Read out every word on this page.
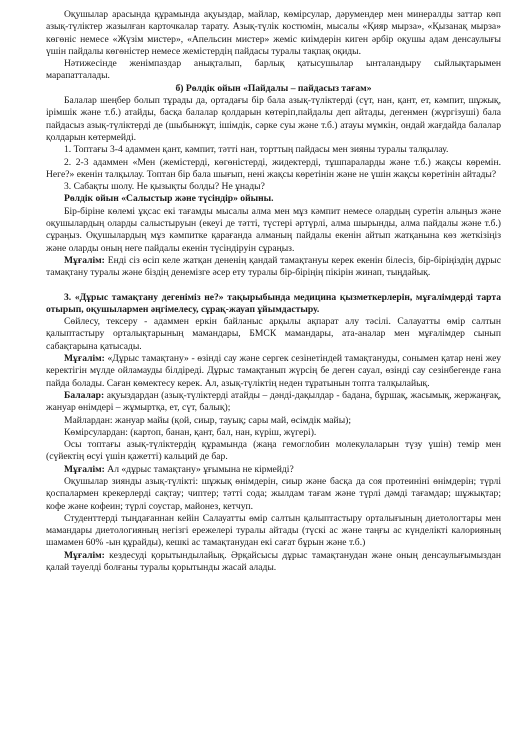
Оқушылар арасында құрамында ақуыздар, майлар, көмірсулар, дәрумендер мен минералды заттар көп азық-түліктер жазылған карточкалар тарату. Азық-түлік костюмін, мысалы «Қияр мырза», «Қызанақ мырза» көгөніс немесе «Жүзім мистер», «Апельсин мистер» жеміс киімдерін киген әрбір оқушы адам денсаулығы үшін пайдалы көгөністер немесе жемістердің пайдасы туралы тақпақ оқиды.

Нәтижесінде женімпаздар анықталып, барлық қатысушылар ынталандыру сыйлықтарымен марапатталады.

б) Рөлдік ойын «Пайдалы – пайдасыз тағам»

Балалар шеңбер болып тұрады да, ортадағы бір бала азық-түліктерді (сүт, нан, қант, ет, кәмпит, шұжық, ірімшік және т.б.) атайды, басқа балалар қолдарын көтеріп,пайдалы деп айтады, дегенмен (жүргізуші) бала пайдасыз азық-түліктерді де (шыбынжұт, ішімдік, сәрке суы және т.б.) атауы мүмкін, ондай жағдайда балалар қолдарын көтермейді.

1. Топтағы 3-4 адаммен қант, кәмпит, тәтті нан, торттың пайдасы мен зияны туралы талқылау.

2. 2-3 адаммен «Мен (жемістерді, көгөністерді, жидектерді, тұшпараларды және т.б.) жақсы көремін. Неге?» екенін талқылау. Топтан бір бала шығып, нені жақсы көретінін және не үшін жақсы көретінін айтады?

3. Сабақты шолу. Не қызықты болды? Не ұнады?

Рөлдік ойын «Салыстыр және түсіндір» ойыны.

Бір-біріне көлемі ұқсас екі тағамды мысалы алма мен мұз кәмпит немесе олардың суретін алыңыз және оқушылардың оларды салыстыруын (екеуі де тәтті, түстері әртүрлі, алма шырынды, алма пайдалы және т.б.) сұраңыз. Оқушылардың мұз кәмпитке қарағанда алманың пайдалы екенін айтып жатқанына көз жеткізіңіз және оларды оның неге пайдалы екенін түсіндіруін сұраңыз.

Мұғалім: Енді сіз өсіп келе жатқан дененің қандай тамақтануы керек екенін білесіз, бір-біріңіздің дұрыс тамақтану туралы және біздің денемізге әсер ету туралы бір-біріңің пікірін жинап, тыңдайық.

3. «Дұрыс тамақтану дегеніміз не?» тақырыбында медицина қызметкерлерін, мұғалімдерді тарта отырып, оқушылармен әңгімелесу, сұрақ-жауап ұйымдастыру.

Сөйлесу, тексеру - адаммен еркін байланыс арқылы ақпарат алу тәсілі. Салауатты өмір салтын қалыптастыру орталықтарының мамандары, БМСК мамандары, ата-аналар мен мұғалімдер сынып сабақтарына қатысады.

Мұғалім: «Дұрыс тамақтану» - өзінді сау және сергек сезінетіндей тамақтануды, сонымен қатар нені жеу керектігін мүлде ойламауды білдіреді. Дұрыс тамақтанып жүрсің бе деген сауал, өзінді сау сезінбегенде ғана пайда болады. Саған көмектесу керек. Ал, азық-түліктің неден тұратынын топта талқылайық.

Балалар: ақуыздардан (азық-түліктерді атайды – дәнді-дақылдар - бадана, бұршақ, жасымық, жержаңғақ, жануар өнімдері – жұмыртқа, ет, сүт, балық);

Майлардан: жануар майы (қой, сиыр, тауық; сары май, өсімдік майы);

Көмірсулардан: (картоп, банан, қант, бал, нан, күріш, жүгері).

Осы топтағы азық-түліктердің құрамында (жаңа гемоглобин молекулаларын түзу үшін) темір мен (сүйектің өсуі үшін қажетті) кальций де бар.

Мұғалім: Ал «дұрыс тамақтану» ұғымына не кірмейді?

Оқушылар зиянды азық-түлікті: шұжық өнімдерін, сиыр және басқа да соя протеиніні өнімдерін; түрлі қоспалармен крекерлерді сақтау; чиптер; тәтті сода; жылдам тағам және түрлі дәмді тағамдар; шұжықтар; кофе және кофеин; түрлі соустар, майонез, кетчуп.

Студенттерді тыңдағаннан кейін Салауатты өмір салтын қалыптастыру орталығының диетологтары мен мамандары диетологияның негізгі ережелері туралы айтады (түскі ас және таңғы ас күнделікті калорияның шамамен 60% -ын құрайды), кешкі ас тамақтанудан екі сағат бұрын және т.б.)

Мұғалім: кездесуді қорытындылайық. Әрқайсысы дұрыс тамақтанудан және оның денсаулығымыздан қалай тәуелді болғаны туралы қорытынды жасай алады.
